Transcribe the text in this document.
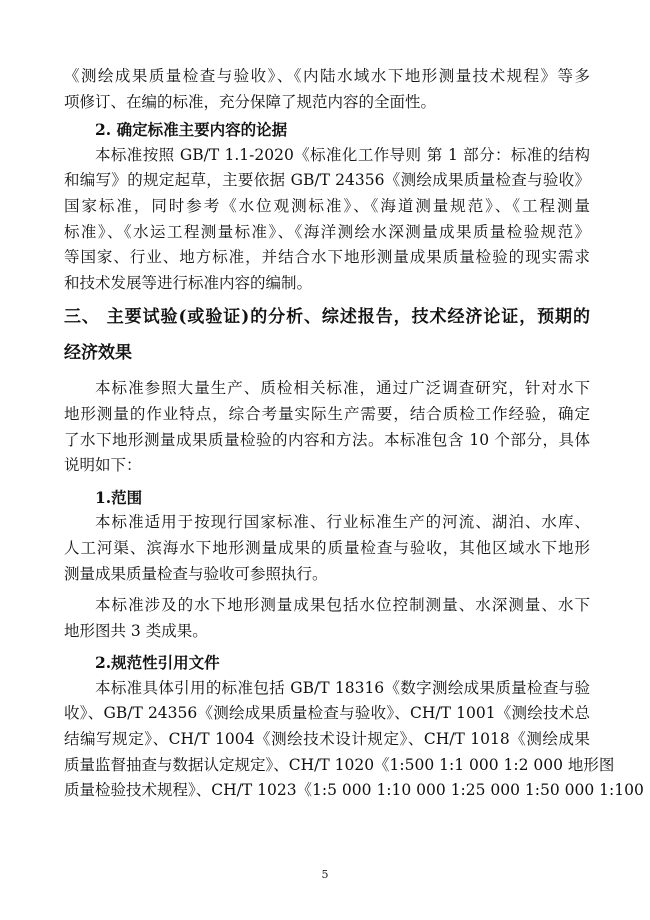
《测绘成果质量检查与验收》、《内陆水域水下地形测量技术规程》等多
项修订、在编的标准，充分保障了规范内容的全面性。
2. 确定标准主要内容的论据
本标准按照 GB/T 1.1-2020《标准化工作导则 第 1 部分：标准的结构
和编写》的规定起草，主要依据 GB/T 24356《测绘成果质量检查与验收》
国家标准，同时参考《水位观测标准》、《海道测量规范》、《工程测量
标准》、《水运工程测量标准》、《海洋测绘水深测量成果质量检验规范》
等国家、行业、地方标准，并结合水下地形测量成果质量检验的现实需求
和技术发展等进行标准内容的编制。
三、 主要试验(或验证)的分析、综述报告，技术经济论证，预期的
经济效果
本标准参照大量生产、质检相关标准，通过广泛调查研究，针对水下
地形测量的作业特点，综合考量实际生产需要，结合质检工作经验，确定
了水下地形测量成果质量检验的内容和方法。本标准包含 10 个部分，具体
说明如下：
1.范围
本标准适用于按现行国家标准、行业标准生产的河流、湖泊、水库、
人工河渠、滨海水下地形测量成果的质量检查与验收，其他区域水下地形
测量成果质量检查与验收可参照执行。
本标准涉及的水下地形测量成果包括水位控制测量、水深测量、水下
地形图共 3 类成果。
2.规范性引用文件
本标准具体引用的标准包括 GB/T 18316《数字测绘成果质量检查与验
收》、GB/T 24356《测绘成果质量检查与验收》、CH/T 1001《测绘技术总
结编写规定》、CH/T 1004《测绘技术设计规定》、CH/T 1018《测绘成果
质量监督抽查与数据认定规定》、CH/T 1020《1:500 1:1 000 1:2 000 地形图
质量检验技术规程》、CH/T 1023《1:5 000 1:10 000 1:25 000 1:50 000 1:100
5
